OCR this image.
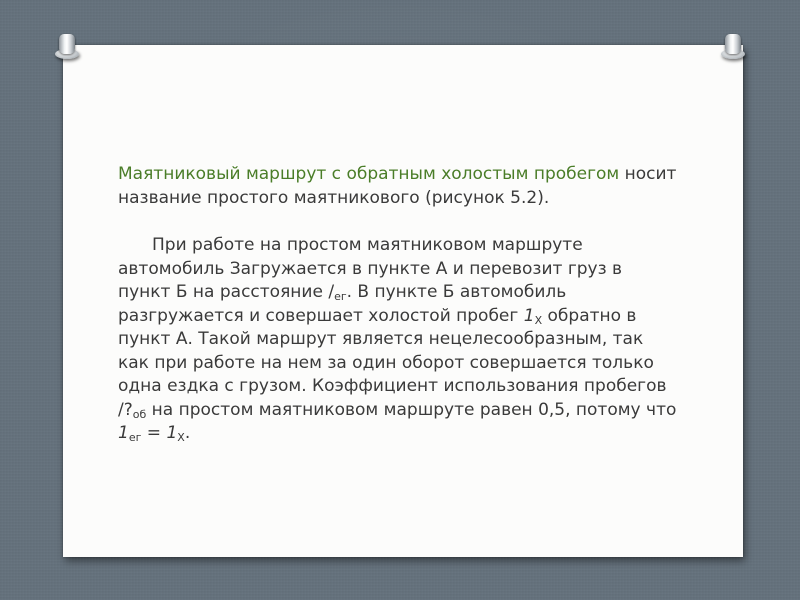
Маятниковый маршрут с обратным холостым пробегом носит название простого маятникового (рисунок 5.2).

При работе на простом маятниковом маршруте автомобиль Загружается в пункте А и перевозит груз в пункт Б на расстояние $/_{ег}$. В пункте Б автомобиль разгружается и совершает холостой пробег $1_Х$ обратно в пункт А. Такой маршрут является нецелесообразным, так как при работе на нем за один оборот совершается только одна ездка с грузом. Коэффициент использования пробегов $/?_{об}$ на простом маятниковом маршруте равен 0,5, потому что $1_{ег} = 1_Х$.
